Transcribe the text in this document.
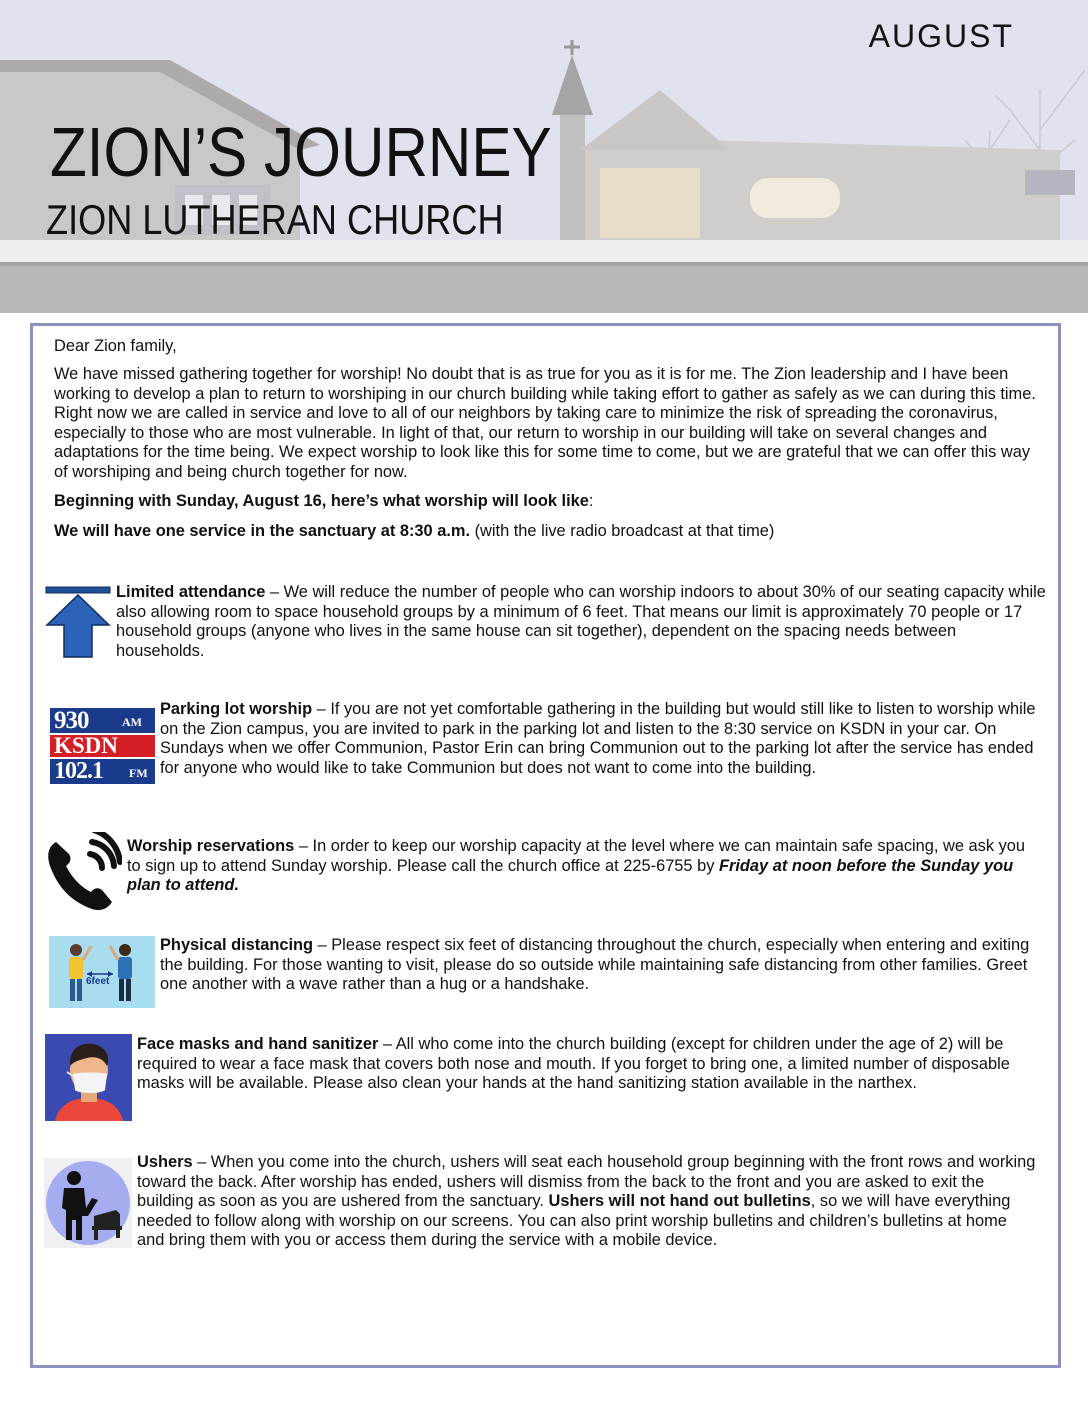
AUGUST
ZION’S JOURNEY
ZION LUTHERAN CHURCH
Dear Zion family,
We have missed gathering together for worship! No doubt that is as true for you as it is for me. The Zion leadership and I have been working to develop a plan to return to worshiping in our church building while taking effort to gather as safely as we can during this time. Right now we are called in service and love to all of our neighbors by taking care to minimize the risk of spreading the coronavirus, especially to those who are most vulnerable. In light of that, our return to worship in our building will take on several changes and adaptations for the time being. We expect worship to look like this for some time to come, but we are grateful that we can offer this way of worshiping and being church together for now.
Beginning with Sunday, August 16, here’s what worship will look like:
We will have one service in the sanctuary at 8:30 a.m. (with the live radio broadcast at that time)
Limited attendance – We will reduce the number of people who can worship indoors to about 30% of our seating capacity while also allowing room to space household groups by a minimum of 6 feet. That means our limit is approximately 70 people or 17 household groups (anyone who lives in the same house can sit together), dependent on the spacing needs between households.
930	AM
KSDN
102.1 FM
Parking lot worship – If you are not yet comfortable gathering in the building but would still like to listen to worship while on the Zion campus, you are invited to park in the parking lot and listen to the 8:30 service on KSDN in your car. On Sundays when we offer Communion, Pastor Erin can bring Communion out to the parking lot after the service has ended for anyone who would like to take Communion but does not want to come into the building.
Worship reservations – In order to keep our worship capacity at the level where we can maintain safe spacing, we ask you to sign up to attend Sunday worship. Please call the church office at 225-6755 by Friday at noon before the Sunday you plan to attend.
6feet
Physical distancing – Please respect six feet of distancing throughout the church, especially when entering and exiting the building. For those wanting to visit, please do so outside while maintaining safe distancing from other families. Greet one another with a wave rather than a hug or a handshake.
Face masks and hand sanitizer – All who come into the church building (except for children under the age of 2) will be required to wear a face mask that covers both nose and mouth. If you forget to bring one, a limited number of disposable masks will be available. Please also clean your hands at the hand sanitizing station available in the narthex.
Ushers – When you come into the church, ushers will seat each household group beginning with the front rows and working toward the back. After worship has ended, ushers will dismiss from the back to the front and you are asked to exit the building as soon as you are ushered from the sanctuary. Ushers will not hand out bulletins, so we will have everything needed to follow along with worship on our screens. You can also print worship bulletins and children’s bulletins at home and bring them with you or access them during the service with a mobile device.
